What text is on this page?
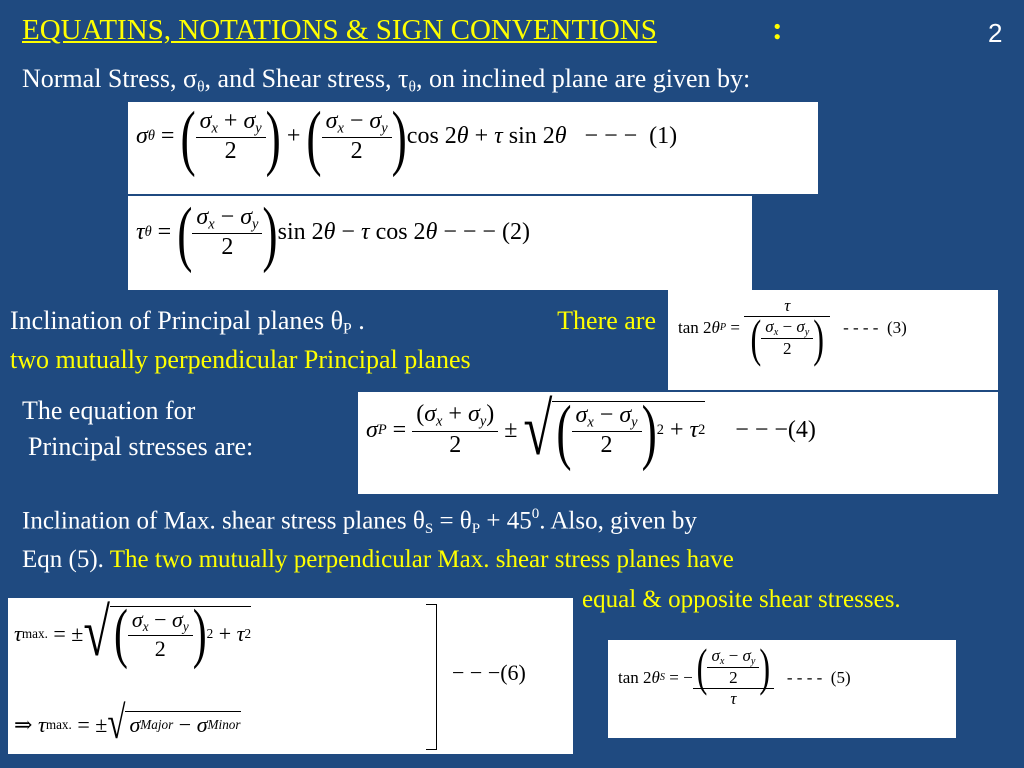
EQUATINS, NOTATIONS & SIGN CONVENTIONS	:	2
Normal Stress, $\sigma_\theta$, and Shear stress, $\tau_\theta$, on inclined plane are given by:
σ θ = ( $\frac{\sigma_x + \sigma_y}{2}$ ) + ( $\frac{\sigma_x - \sigma_y}{2}$ ) cos 2 θ + τ
sin 2 θ
− − −
(1)
τ θ = ( $\frac{\sigma_x - \sigma_y}{2}$ ) sin 2 θ − τ
cos 2 θ
− − −
(2)
Inclination of Principal planes $\theta_P$ .	There are
two mutually perpendicular Principal planes
tan 2 θ $P = \frac{\tau}{( \frac{\sigma_x - \sigma_y}{2} )}$
- - - -
(3)
The equation for
Principal stresses are:
σ $P = \frac{(\sigma_x + \sigma_y)}{2}$ ± √ ( $\frac{\sigma_x - \sigma_y}{2}$ ) 2 + τ 2
− − − (4)
Inclination of Max. shear stress planes $\theta_S = \theta_P + 45^0$. Also, given by
Eqn (5). The two mutually perpendicular Max. shear stress planes have
equal & opposite shear stresses.
τ max. = ± √ ( $\frac{\sigma_x - \sigma_y}{2}$ ) 2 + τ 2
− − − (6)
⇒ τ max. = ± √ σ Major − σ Minor
tan 2 θ S = − $\frac{( \frac{\sigma_x - \sigma_y}{2} )}{\tau}$
- - - -
(5)
